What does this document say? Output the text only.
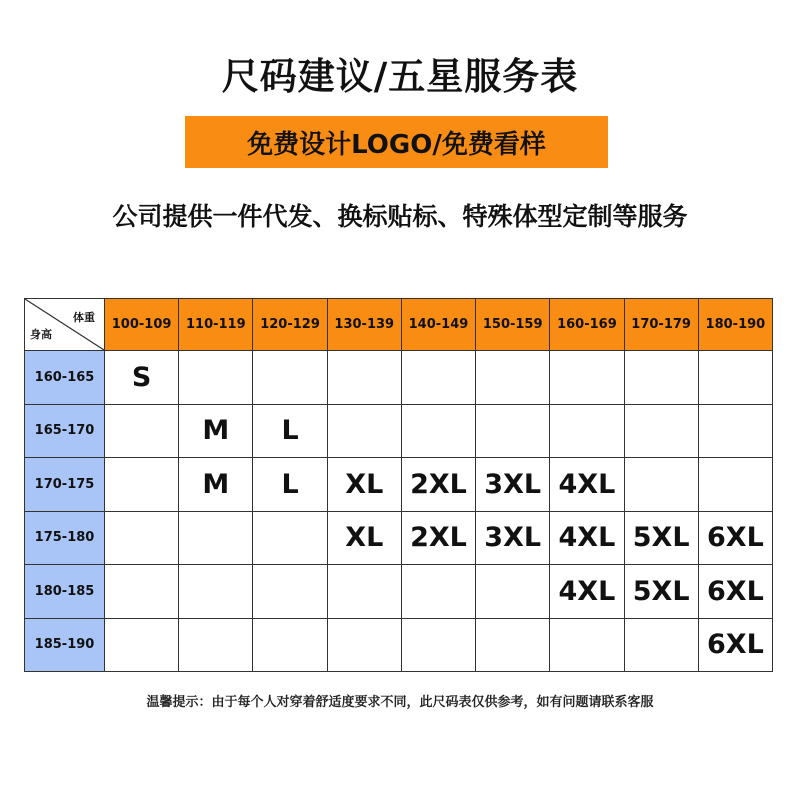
尺码建议/五星服务表
免费设计LOGO/免费看样
公司提供一件代发、换标贴标、特殊体型定制等服务
体重
身高	100-109	110-119	120-129	130-139	140-149	150-159	160-169	170-179	180-190
160-165	S								
165-170		M	L						
170-175		M	L	XL	2XL	3XL	4XL		
175-180				XL	2XL	3XL	4XL	5XL	6XL
180-185							4XL	5XL	6XL
185-190									6XL
温馨提示：由于每个人对穿着舒适度要求不同，此尺码表仅供参考，如有问题请联系客服
